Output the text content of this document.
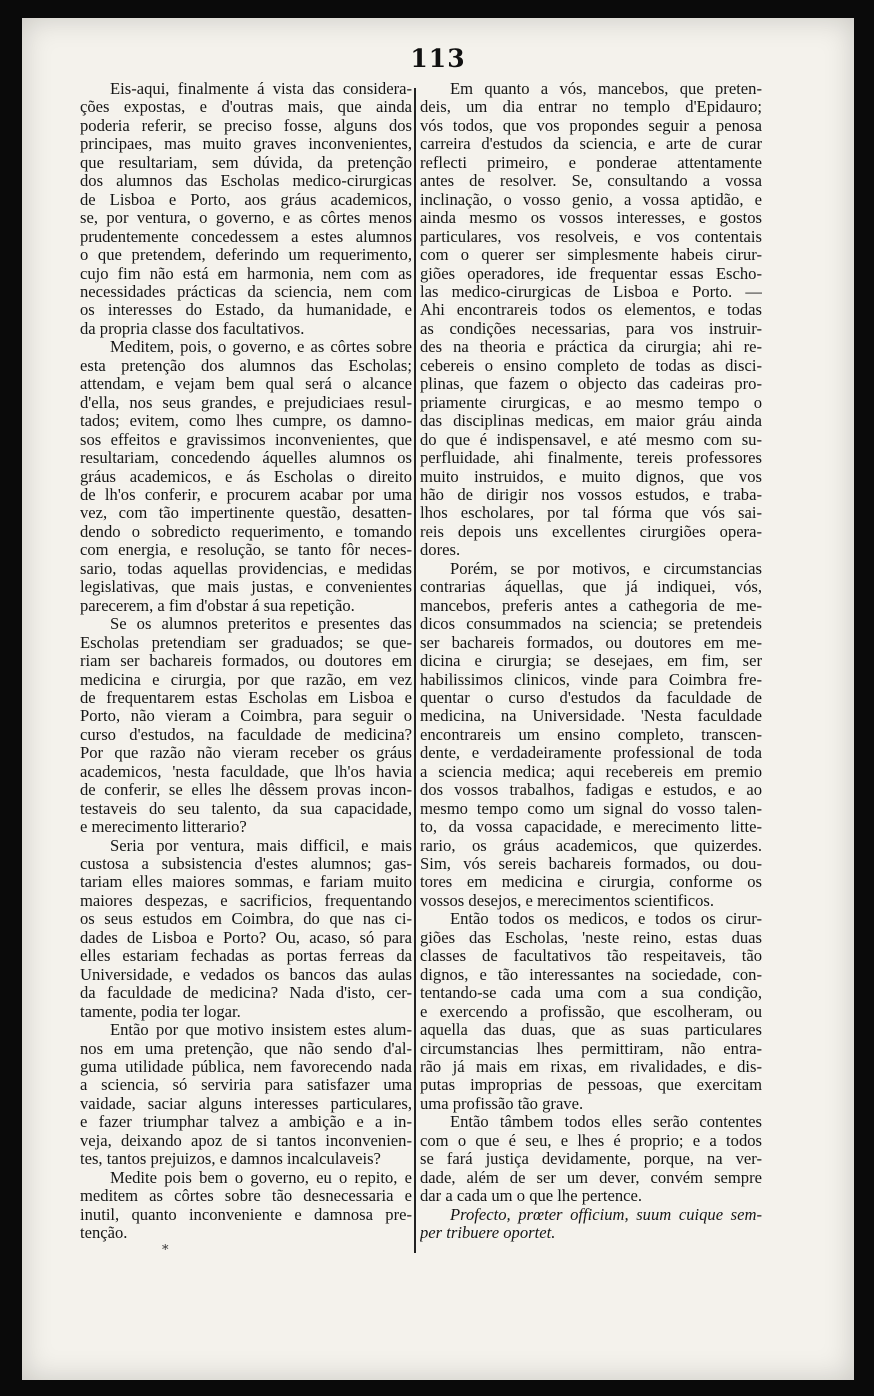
113
Eis-aqui, finalmente á vista das considera-
ções expostas, e d'outras mais, que ainda
poderia referir, se preciso fosse, alguns dos
principaes, mas muito graves inconvenientes,
que resultariam, sem dúvida, da pretenção
dos alumnos das Escholas medico-cirurgicas
de Lisboa e Porto, aos gráus academicos,
se, por ventura, o governo, e as côrtes menos
prudentemente concedessem a estes alumnos
o que pretendem, deferindo um requerimento,
cujo fim não está em harmonia, nem com as
necessidades prácticas da sciencia, nem com
os interesses do Estado, da humanidade, e
da propria classe dos facultativos.
Meditem, pois, o governo, e as côrtes sobre
esta pretenção dos alumnos das Escholas;
attendam, e vejam bem qual será o alcance
d'ella, nos seus grandes, e prejudiciaes resul-
tados; evitem, como lhes cumpre, os damno-
sos effeitos e gravissimos inconvenientes, que
resultariam, concedendo áquelles alumnos os
gráus academicos, e ás Escholas o direito
de lh'os conferir, e procurem acabar por uma
vez, com tão impertinente questão, desatten-
dendo o sobredicto requerimento, e tomando
com energia, e resolução, se tanto fôr neces-
sario, todas aquellas providencias, e medidas
legislativas, que mais justas, e convenientes
parecerem, a fim d'obstar á sua repetição.
Se os alumnos preteritos e presentes das
Escholas pretendiam ser graduados; se que-
riam ser bachareis formados, ou doutores em
medicina e cirurgia, por que razão, em vez
de frequentarem estas Escholas em Lisboa e
Porto, não vieram a Coimbra, para seguir o
curso d'estudos, na faculdade de medicina?
Por que razão não vieram receber os gráus
academicos, 'nesta faculdade, que lh'os havia
de conferir, se elles lhe dêssem provas incon-
testaveis do seu talento, da sua capacidade,
e merecimento litterario?
Seria por ventura, mais difficil, e mais
custosa a subsistencia d'estes alumnos; gas-
tariam elles maiores sommas, e fariam muito
maiores despezas, e sacrificios, frequentando
os seus estudos em Coimbra, do que nas ci-
dades de Lisboa e Porto? Ou, acaso, só para
elles estariam fechadas as portas ferreas da
Universidade, e vedados os bancos das aulas
da faculdade de medicina? Nada d'isto, cer-
tamente, podia ter logar.
Então por que motivo insistem estes alum-
nos em uma pretenção, que não sendo d'al-
guma utilidade pública, nem favorecendo nada
a sciencia, só serviria para satisfazer uma
vaidade, saciar alguns interesses particulares,
e fazer triumphar talvez a ambição e a in-
veja, deixando apoz de si tantos inconvenien-
tes, tantos prejuizos, e damnos incalculaveis?
Medite pois bem o governo, eu o repito, e
meditem as côrtes sobre tão desnecessaria e
inutil, quanto inconveniente e damnosa pre-
tenção.
Em quanto a vós, mancebos, que preten-
deis, um dia entrar no templo d'Epidauro;
vós todos, que vos propondes seguir a penosa
carreira d'estudos da sciencia, e arte de curar
reflecti primeiro, e ponderae attentamente
antes de resolver. Se, consultando a vossa
inclinação, o vosso genio, a vossa aptidão, e
ainda mesmo os vossos interesses, e gostos
particulares, vos resolveis, e vos contentais
com o querer ser simplesmente habeis cirur-
giões operadores, ide frequentar essas Escho-
las medico-cirurgicas de Lisboa e Porto. —
Ahi encontrareis todos os elementos, e todas
as condições necessarias, para vos instruir-
des na theoria e práctica da cirurgia; ahi re-
cebereis o ensino completo de todas as disci-
plinas, que fazem o objecto das cadeiras pro-
priamente cirurgicas, e ao mesmo tempo o
das disciplinas medicas, em maior gráu ainda
do que é indispensavel, e até mesmo com su-
perfluidade, ahi finalmente, tereis professores
muito instruidos, e muito dignos, que vos
hão de dirigir nos vossos estudos, e traba-
lhos escholares, por tal fórma que vós sai-
reis depois uns excellentes cirurgiões opera-
dores.
Porém, se por motivos, e circumstancias
contrarias áquellas, que já indiquei, vós,
mancebos, preferis antes a cathegoria de me-
dicos consummados na sciencia; se pretendeis
ser bachareis formados, ou doutores em me-
dicina e cirurgia; se desejaes, em fim, ser
habilissimos clinicos, vinde para Coimbra fre-
quentar o curso d'estudos da faculdade de
medicina, na Universidade. 'Nesta faculdade
encontrareis um ensino completo, transcen-
dente, e verdadeiramente professional de toda
a sciencia medica; aqui recebereis em premio
dos vossos trabalhos, fadigas e estudos, e ao
mesmo tempo como um signal do vosso talen-
to, da vossa capacidade, e merecimento litte-
rario, os gráus academicos, que quizerdes.
Sim, vós sereis bachareis formados, ou dou-
tores em medicina e cirurgia, conforme os
vossos desejos, e merecimentos scientificos.
Então todos os medicos, e todos os cirur-
giões das Escholas, 'neste reino, estas duas
classes de facultativos tão respeitaveis, tão
dignos, e tão interessantes na sociedade, con-
tentando-se cada uma com a sua condição,
e exercendo a profissão, que escolheram, ou
aquella das duas, que as suas particulares
circumstancias lhes permittiram, não entra-
rão já mais em rixas, em rivalidades, e dis-
putas improprias de pessoas, que exercitam
uma profissão tão grave.
Então tâmbem todos elles serão contentes
com o que é seu, e lhes é proprio; e a todos
se fará justiça devidamente, porque, na ver-
dade, além de ser um dever, convém sempre
dar a cada um o que lhe pertence.
Profecto, prœter officium, suum cuique sem-
per tribuere oportet.
*
